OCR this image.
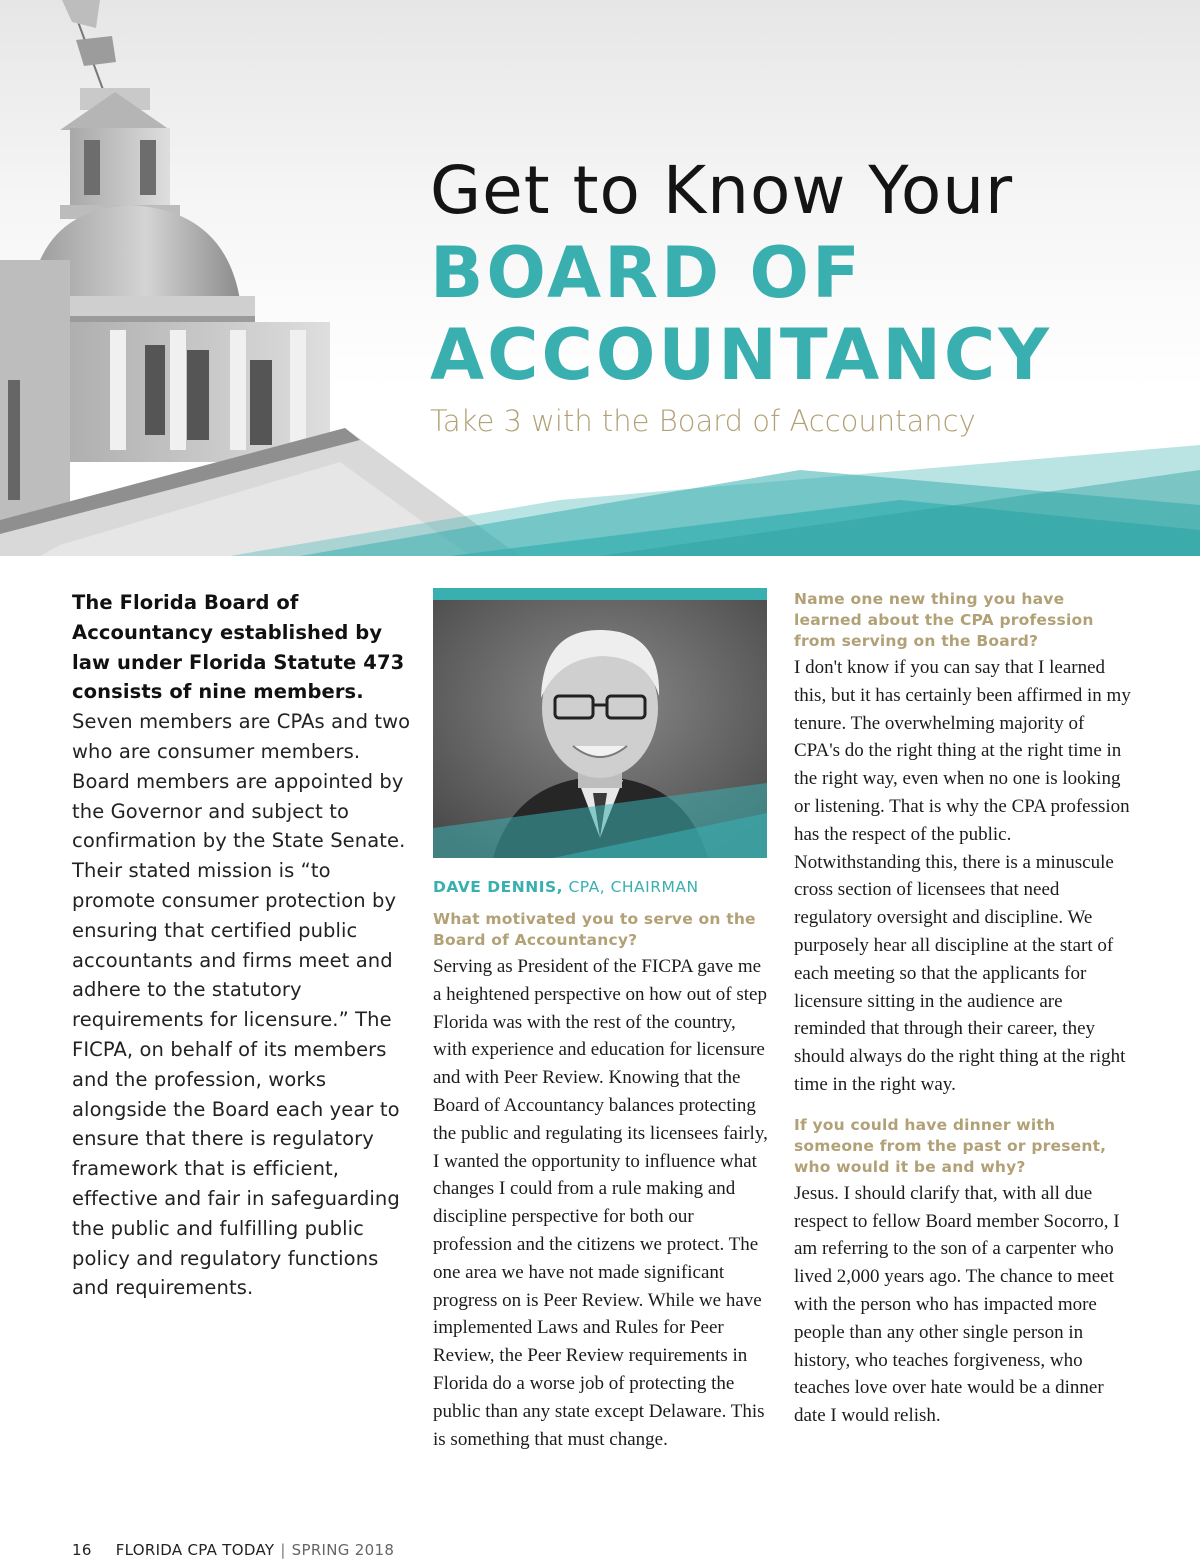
Get to Know Your
BOARD OF
ACCOUNTANCY
Take 3 with the Board of Accountancy
The Florida Board of Accountancy established by law under Florida Statute 473 consists of nine members. Seven members are CPAs and two who are consumer members. Board members are appointed by the Governor and subject to confirmation by the State Senate. Their stated mission is “to promote consumer protection by ensuring that certified public accountants and firms meet and adhere to the statutory requirements for licensure.” The FICPA, on behalf of its members and the profession, works alongside the Board each year to ensure that there is regulatory framework that is efficient, effective and fair in safeguarding the public and fulfilling public policy and regulatory functions and requirements.
DAVE DENNIS, CPA, CHAIRMAN
What motivated you to serve on the Board of Accountancy?
Serving as President of the FICPA gave me a heightened perspective on how out of step Florida was with the rest of the country, with experience and education for licensure and with Peer Review. Knowing that the Board of Accountancy balances protecting the public and regulating its licensees fairly, I wanted the opportunity to influence what changes I could from a rule making and discipline perspective for both our profession and the citizens we protect. The one area we have not made significant progress on is Peer Review. While we have implemented Laws and Rules for Peer Review, the Peer Review requirements in Florida do a worse job of protecting the public than any state except Delaware. This is something that must change.
Name one new thing you have learned about the CPA profession from serving on the Board?
I don't know if you can say that I learned this, but it has certainly been affirmed in my tenure. The overwhelming majority of CPA's do the right thing at the right time in the right way, even when no one is looking or listening. That is why the CPA profession has the respect of the public. Notwithstanding this, there is a minuscule cross section of licensees that need regulatory oversight and discipline. We purposely hear all discipline at the start of each meeting so that the applicants for licensure sitting in the audience are reminded that through their career, they should always do the right thing at the right time in the right way.
If you could have dinner with someone from the past or present, who would it be and why?
Jesus. I should clarify that, with all due respect to fellow Board member Socorro, I am referring to the son of a carpenter who lived 2,000 years ago. The chance to meet with the person who has impacted more people than any other single person in history, who teaches forgiveness, who teaches love over hate would be a dinner date I would relish.
16 FLORIDA CPA TODAY | SPRING 2018
